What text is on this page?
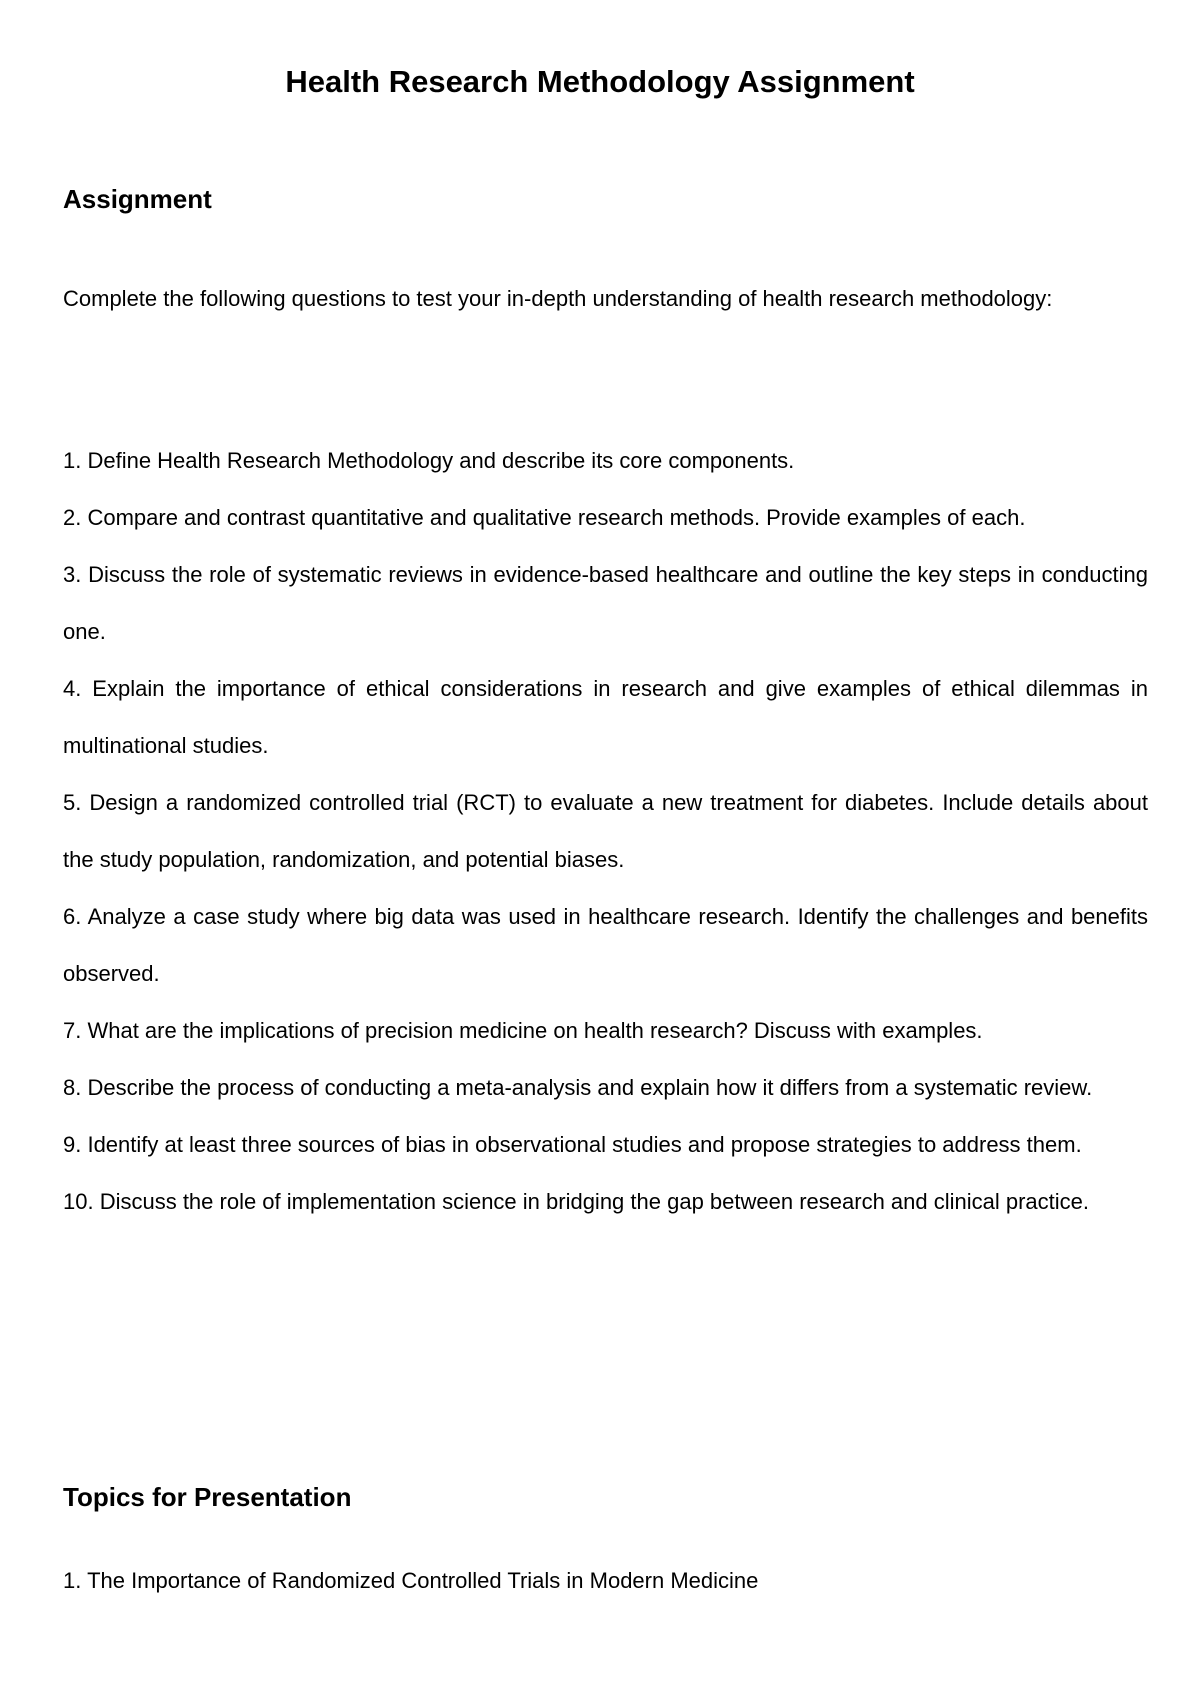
Health Research Methodology Assignment
Assignment

Complete the following questions to test your in-depth understanding of health research methodology:

1. Define Health Research Methodology and describe its core components.
2. Compare and contrast quantitative and qualitative research methods. Provide examples of each.
3. Discuss the role of systematic reviews in evidence-based healthcare and outline the key steps in conducting one.
4. Explain the importance of ethical considerations in research and give examples of ethical dilemmas in multinational studies.
5. Design a randomized controlled trial (RCT) to evaluate a new treatment for diabetes. Include details about the study population, randomization, and potential biases.
6. Analyze a case study where big data was used in healthcare research. Identify the challenges and benefits observed.
7. What are the implications of precision medicine on health research? Discuss with examples.
8. Describe the process of conducting a meta-analysis and explain how it differs from a systematic review.
9. Identify at least three sources of bias in observational studies and propose strategies to address them.
10. Discuss the role of implementation science in bridging the gap between research and clinical practice.
Topics for Presentation
1. The Importance of Randomized Controlled Trials in Modern Medicine
